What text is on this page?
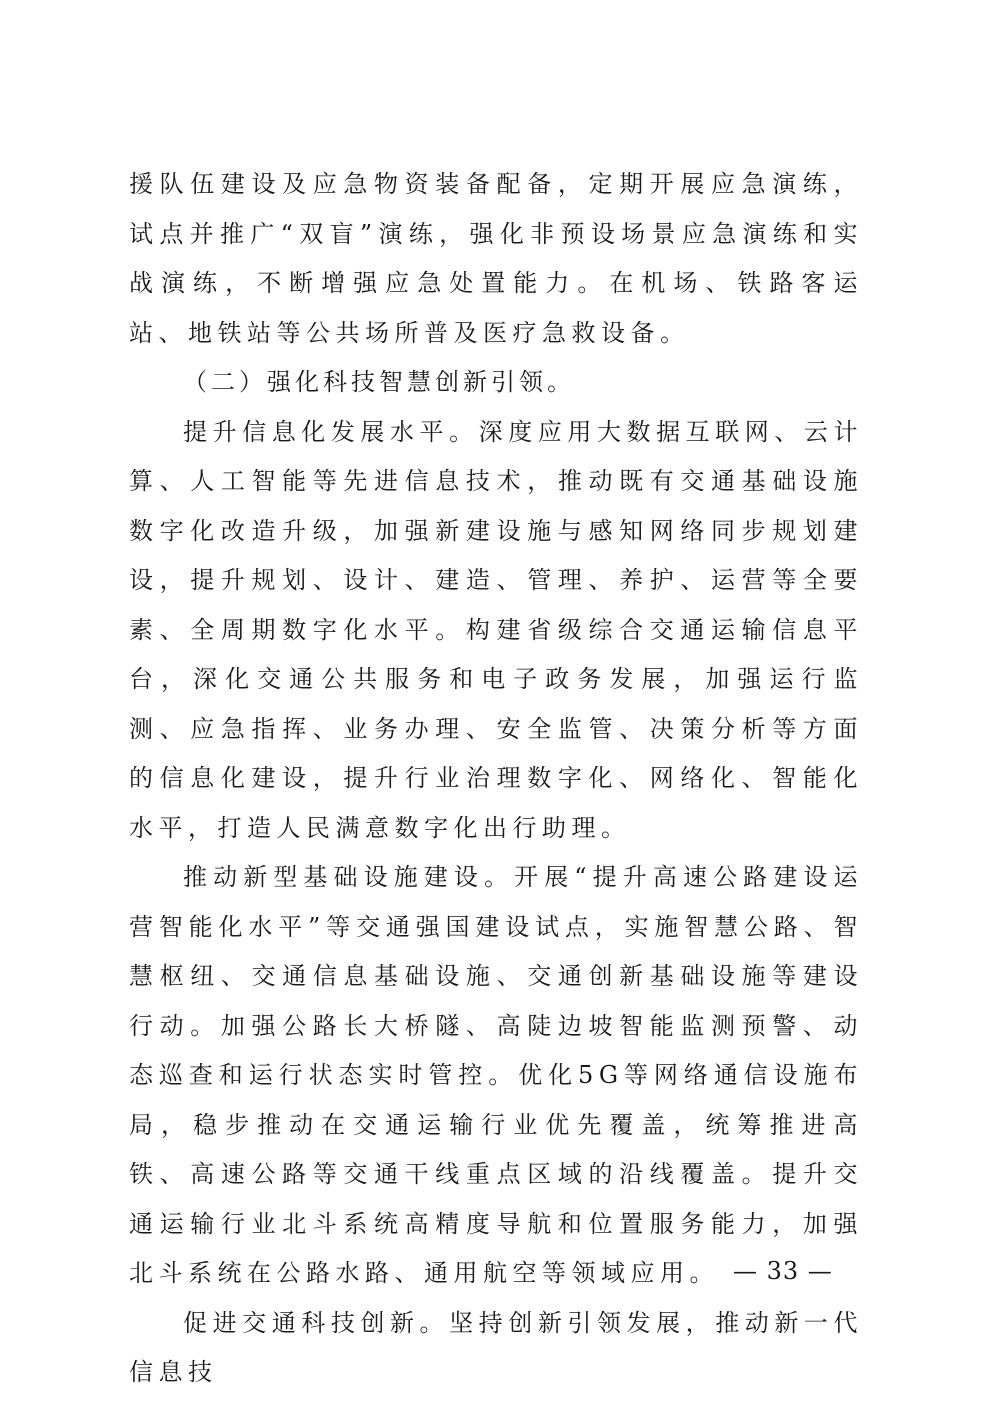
援队伍建设及应急物资装备配备，定期开展应急演练，试点并推广“双盲”演练，强化非预设场景应急演练和实战演练，不断增强应急处置能力。在机场、铁路客运站、地铁站等公共场所普及医疗急救设备。

（二）强化科技智慧创新引领。

提升信息化发展水平。深度应用大数据互联网、云计算、人工智能等先进信息技术，推动既有交通基础设施数字化改造升级，加强新建设施与感知网络同步规划建设，提升规划、设计、建造、管理、养护、运营等全要素、全周期数字化水平。构建省级综合交通运输信息平台，深化交通公共服务和电子政务发展，加强运行监测、应急指挥、业务办理、安全监管、决策分析等方面的信息化建设，提升行业治理数字化、网络化、智能化水平，打造人民满意数字化出行助理。

推动新型基础设施建设。开展“提升高速公路建设运营智能化水平”等交通强国建设试点，实施智慧公路、智慧枢纽、交通信息基础设施、交通创新基础设施等建设行动。加强公路长大桥隧、高陡边坡智能监测预警、动态巡查和运行状态实时管控。优化5G等网络通信设施布局，稳步推动在交通运输行业优先覆盖，统筹推进高铁、高速公路等交通干线重点区域的沿线覆盖。提升交通运输行业北斗系统高精度导航和位置服务能力，加强北斗系统在公路水路、通用航空等领域应用。

促进交通科技创新。坚持创新引领发展，推动新一代信息技

— 33 —
